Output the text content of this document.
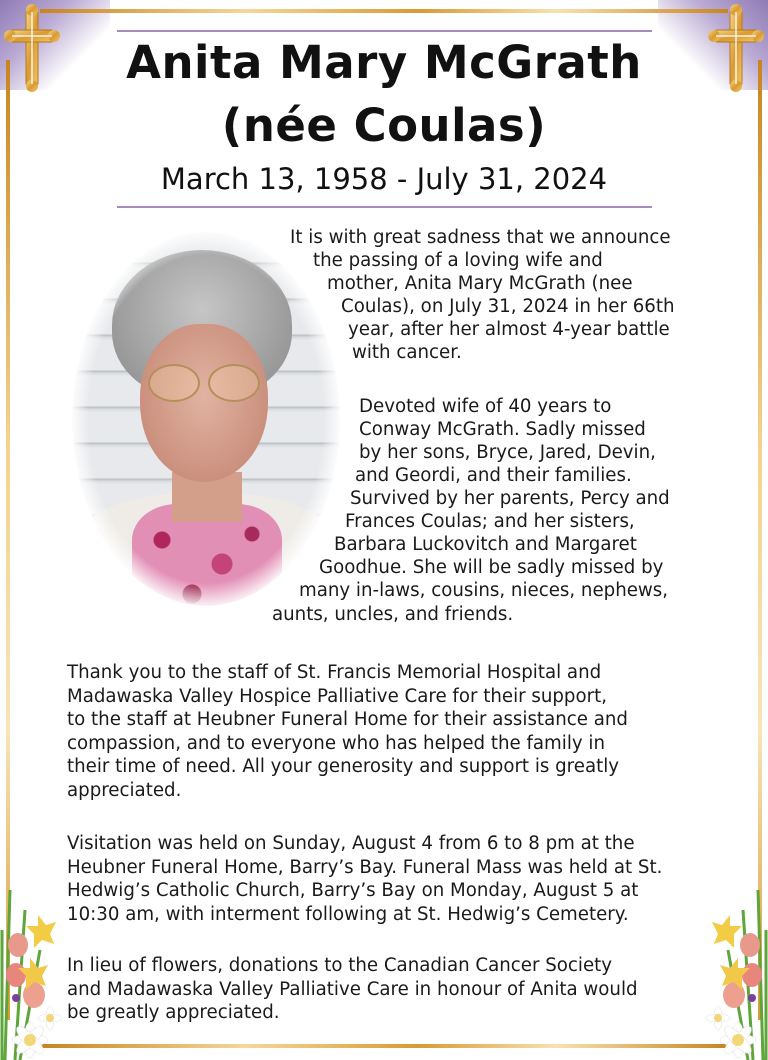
Anita Mary McGrath
(née Coulas)
March 13, 1958 - July 31, 2024
It is with great sadness that we announce
the passing of a loving wife and
mother, Anita Mary McGrath (nee
Coulas), on July 31, 2024 in her 66th
year, after her almost 4-year battle
with cancer.
Devoted wife of 40 years to
Conway McGrath. Sadly missed
by her sons, Bryce, Jared, Devin,
and Geordi, and their families.
Survived by her parents, Percy and
Frances Coulas; and her sisters,
Barbara Luckovitch and Margaret
Goodhue. She will be sadly missed by
many in-laws, cousins, nieces, nephews,
aunts, uncles, and friends.
Thank you to the staff of St. Francis Memorial Hospital and
Madawaska Valley Hospice Palliative Care for their support,
to the staff at Heubner Funeral Home for their assistance and
compassion, and to everyone who has helped the family in
their time of need. All your generosity and support is greatly
appreciated.
Visitation was held on Sunday, August 4 from 6 to 8 pm at the
Heubner Funeral Home, Barry’s Bay. Funeral Mass was held at St.
Hedwig’s Catholic Church, Barry’s Bay on Monday, August 5 at
10:30 am, with interment following at St. Hedwig’s Cemetery.
In lieu of flowers, donations to the Canadian Cancer Society
and Madawaska Valley Palliative Care in honour of Anita would
be greatly appreciated.
